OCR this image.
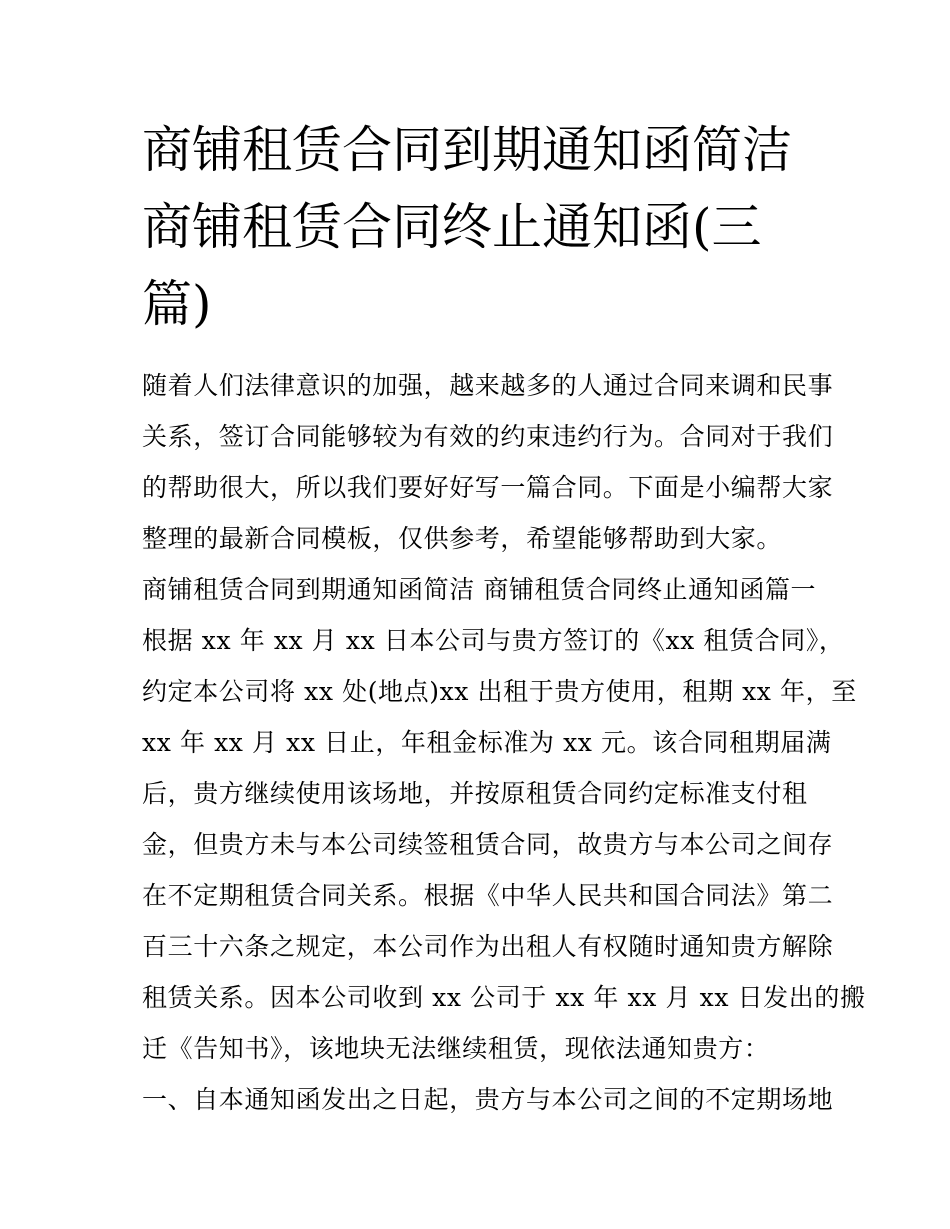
商铺租赁合同到期通知函简洁
商铺租赁合同终止通知函(三
篇)
随着人们法律意识的加强，越来越多的人通过合同来调和民事
关系，签订合同能够较为有效的约束违约行为。合同对于我们
的帮助很大，所以我们要好好写一篇合同。下面是小编帮大家
整理的最新合同模板，仅供参考，希望能够帮助到大家。
商铺租赁合同到期通知函简洁 商铺租赁合同终止通知函篇一
根据 xx 年 xx 月 xx 日本公司与贵方签订的《xx 租赁合同》，
约定本公司将 xx 处(地点)xx 出租于贵方使用，租期 xx 年，至
xx 年 xx 月 xx 日止，年租金标准为 xx 元。该合同租期届满
后，贵方继续使用该场地，并按原租赁合同约定标准支付租
金，但贵方未与本公司续签租赁合同，故贵方与本公司之间存
在不定期租赁合同关系。根据《中华人民共和国合同法》第二
百三十六条之规定，本公司作为出租人有权随时通知贵方解除
租赁关系。因本公司收到 xx 公司于 xx 年 xx 月 xx 日发出的搬
迁《告知书》，该地块无法继续租赁，现依法通知贵方：
一、自本通知函发出之日起，贵方与本公司之间的不定期场地
